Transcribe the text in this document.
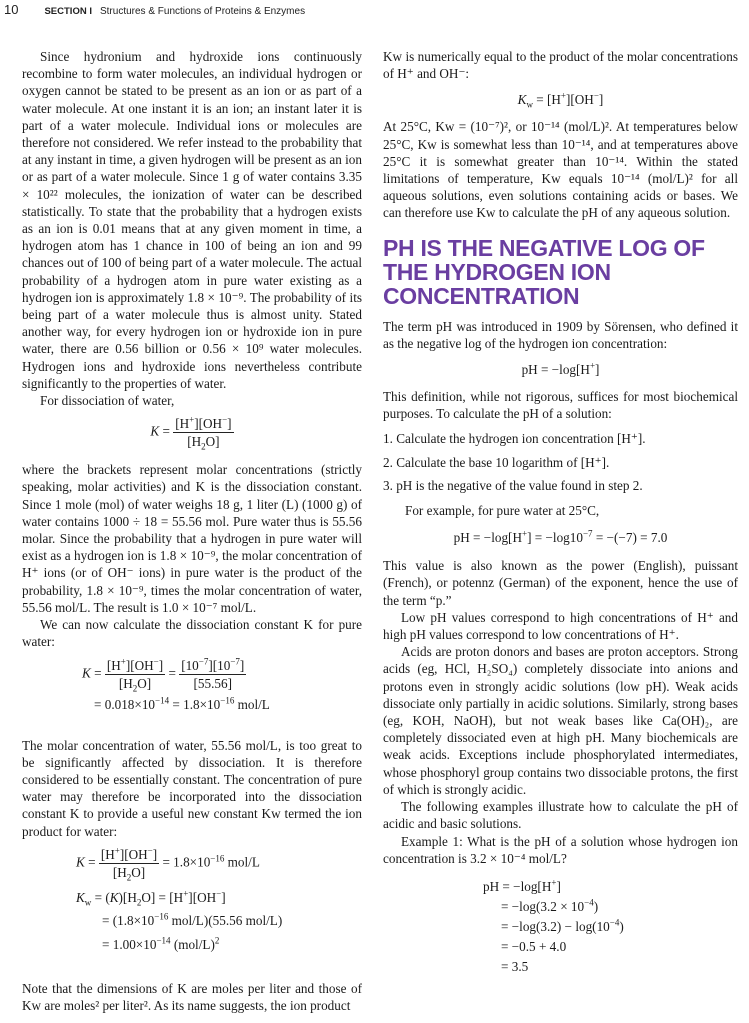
10	SECTION I Structures & Functions of Proteins & Enzymes

Since hydronium and hydroxide ions continuously recombine to form water molecules, an individual hydrogen or oxygen cannot be stated to be present as an ion or as part of a water molecule. At one instant it is an ion; an instant later it is part of a water molecule. Individual ions or molecules are therefore not considered. We refer instead to the probability that at any instant in time, a given hydrogen will be present as an ion or as part of a water molecule. Since 1 g of water contains 3.35 × 10²² molecules, the ionization of water can be described statistically. To state that the probability that a hydrogen exists as an ion is 0.01 means that at any given moment in time, a hydrogen atom has 1 chance in 100 of being an ion and 99 chances out of 100 of being part of a water molecule. The actual probability of a hydrogen atom in pure water existing as a hydrogen ion is approximately 1.8 × 10⁻⁹. The probability of its being part of a water molecule thus is almost unity. Stated another way, for every hydrogen ion or hydroxide ion in pure water, there are 0.56 billion or 0.56 × 10⁹ water molecules. Hydrogen ions and hydroxide ions nevertheless contribute significantly to the properties of water.

For dissociation of water,

$K = \frac{[H^+][OH^-]}{[H_2O]}$

where the brackets represent molar concentrations (strictly speaking, molar activities) and K is the dissociation constant. Since 1 mole (mol) of water weighs 18 g, 1 liter (L) (1000 g) of water contains 1000 ÷ 18 = 55.56 mol. Pure water thus is 55.56 molar. Since the probability that a hydrogen in pure water will exist as a hydrogen ion is 1.8 × 10⁻⁹, the molar concentration of H⁺ ions (or of OH⁻ ions) in pure water is the product of the probability, 1.8 × 10⁻⁹, times the molar concentration of water, 55.56 mol/L. The result is 1.0 × 10⁻⁷ mol/L.

We can now calculate the dissociation constant K for pure water:

$K = \frac{[H^+][OH^-]}{[H_2O]} = \frac{[10^{-7}][10^{-7}]}{[55.56]}$
= $0.018\times 10^{-14} = 1.8\times 10^{-16}$ mol/L

The molar concentration of water, 55.56 mol/L, is too great to be significantly affected by dissociation. It is therefore considered to be essentially constant. The concentration of pure water may therefore be incorporated into the dissociation constant K to provide a useful new constant Kw termed the ion product for water:

$K = \frac{[H^+][OH^-]}{[H_2O]} = 1.8\times 10^{-16}$ mol/L
$K_w = (K)[H_2O] = [H^+][OH^-]$
= ($1.8\times 10^{-16}$ mol/L)(55.56 mol/L)
= $1.00\times 10^{-14}$ $(mol/L)^2$

Note that the dimensions of K are moles per liter and those of Kw are moles² per liter². As its name suggests, the ion product

Kw is numerically equal to the product of the molar concentrations of H⁺ and OH⁻:

$K_w = [H^+][OH^-]$

At 25°C, Kw = (10⁻⁷)², or 10⁻¹⁴ (mol/L)². At temperatures below 25°C, Kw is somewhat less than 10⁻¹⁴, and at temperatures above 25°C it is somewhat greater than 10⁻¹⁴. Within the stated limitations of temperature, Kw equals 10⁻¹⁴ (mol/L)² for all aqueous solutions, even solutions containing acids or bases. We can therefore use Kw to calculate the pH of any aqueous solution.

PH IS THE NEGATIVE LOG OF THE HYDROGEN ION CONCENTRATION

The term pH was introduced in 1909 by Sörensen, who defined it as the negative log of the hydrogen ion concentration:

pH = −log[H+]

This definition, while not rigorous, suffices for most biochemical purposes. To calculate the pH of a solution:

1. Calculate the hydrogen ion concentration [H⁺].
2. Calculate the base 10 logarithm of [H⁺].
3. pH is the negative of the value found in step 2.

For example, for pure water at 25°C,

pH = $-\log[H^+] = -\log 10^{-7} = -(-7) = 7.0$

This value is also known as the power (English), puissant (French), or potennz (German) of the exponent, hence the use of the term “p.”

Low pH values correspond to high concentrations of H⁺ and high pH values correspond to low concentrations of H⁺.

Acids are proton donors and bases are proton acceptors. Strong acids (eg, HCl, H₂SO₄) completely dissociate into anions and protons even in strongly acidic solutions (low pH). Weak acids dissociate only partially in acidic solutions. Similarly, strong bases (eg, KOH, NaOH), but not weak bases like Ca(OH)₂, are completely dissociated even at high pH. Many biochemicals are weak acids. Exceptions include phosphorylated intermediates, whose phosphoryl group contains two dissociable protons, the first of which is strongly acidic.

The following examples illustrate how to calculate the pH of acidic and basic solutions.

Example 1: What is the pH of a solution whose hydrogen ion concentration is 3.2 × 10⁻⁴ mol/L?

pH = −log[H+]
= $-\log(3.2 \times 10^{-4})$
= $-\log(3.2) - \log(10^{-4})$
= −0.5 + 4.0
= 3.5
